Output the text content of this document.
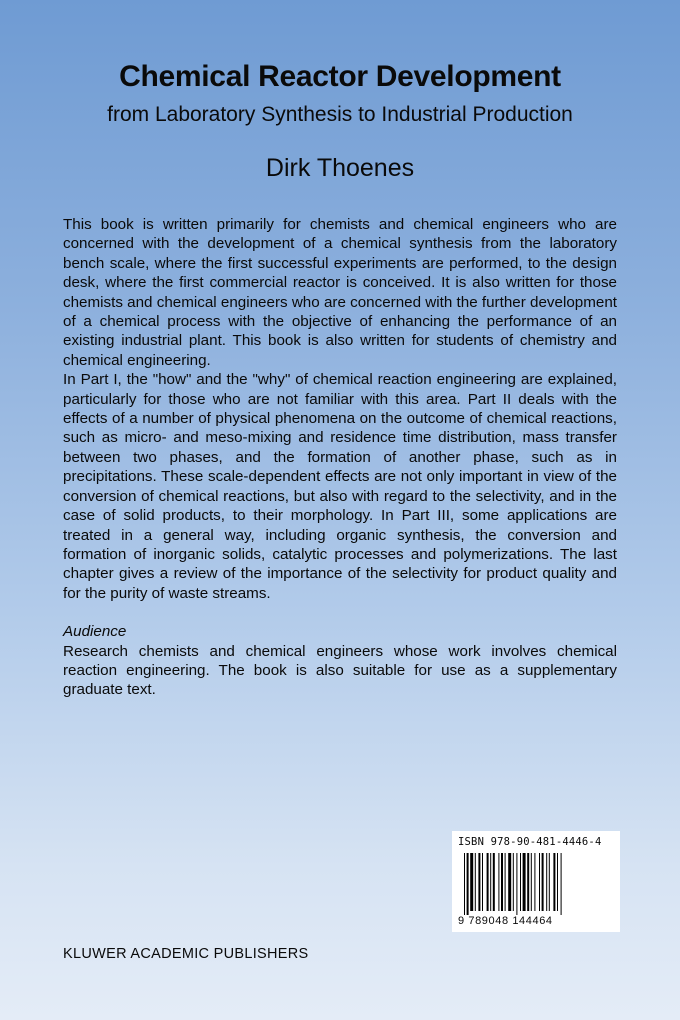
Chemical Reactor Development
from Laboratory Synthesis to Industrial Production
Dirk Thoenes

This book is written primarily for chemists and chemical engineers who are concerned with the development of a chemical synthesis from the laboratory bench scale, where the first successful experiments are performed, to the design desk, where the first commercial reactor is conceived. It is also written for those chemists and chemical engineers who are concerned with the further development of a chemical process with the objective of enhancing the performance of an existing industrial plant. This book is also written for students of chemistry and chemical engineering.

In Part I, the "how" and the "why" of chemical reaction engineering are explained, particularly for those who are not familiar with this area. Part II deals with the effects of a number of physical phenomena on the outcome of chemical reactions, such as micro- and meso-mixing and residence time distribution, mass transfer between two phases, and the formation of another phase, such as in precipitations. These scale-dependent effects are not only important in view of the conversion of chemical reactions, but also with regard to the selectivity, and in the case of solid products, to their morphology. In Part III, some applications are treated in a general way, including organic synthesis, the conversion and formation of inorganic solids, catalytic processes and polymerizations. The last chapter gives a review of the importance of the selectivity for product quality and for the purity of waste streams.

Audience

Research chemists and chemical engineers whose work involves chemical reaction engineering. The book is also suitable for use as a supplementary graduate text.

ISBN 978-90-481-4446-4
9 789048 144464
KLUWER ACADEMIC PUBLISHERS
